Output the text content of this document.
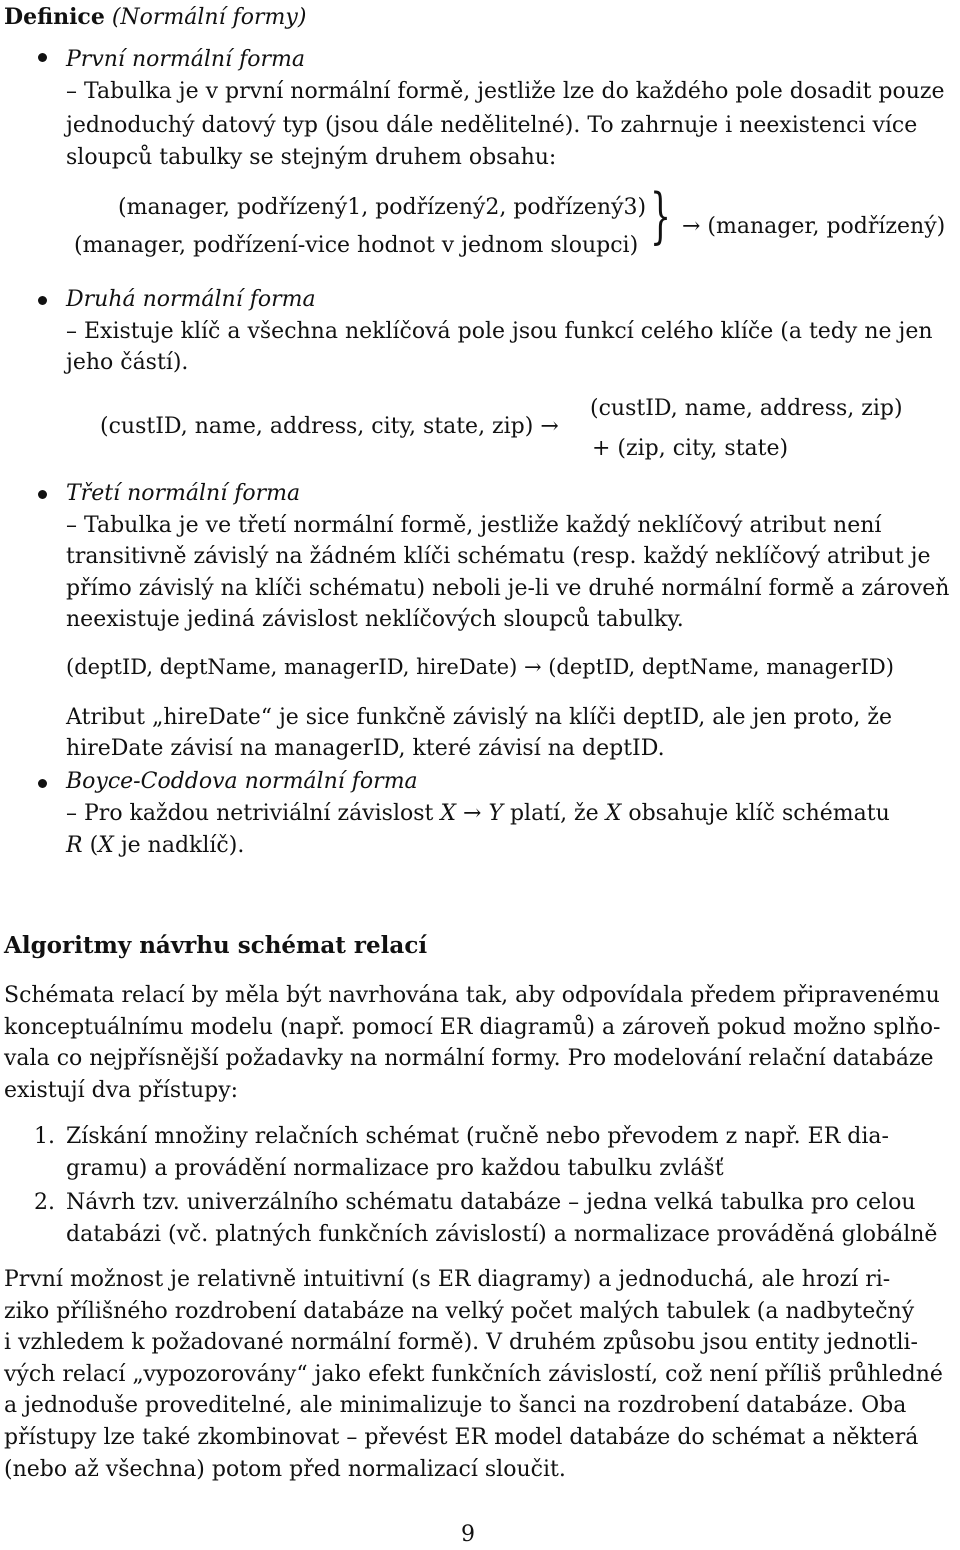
Definice (Normální formy)
První normální forma
– Tabulka je v první normální formě, jestliže lze do každého pole dosadit pouze
jednoduchý datový typ (jsou dále nedělitelné). To zahrnuje i neexistenci více
sloupců tabulky se stejným druhem obsahu:
(manager, podřízený1, podřízený2, podřízený3)
(manager, podřízení-vice hodnot v jednom sloupci) } → (manager, podřízený)
Druhá normální forma
– Existuje klíč a všechna neklíčová pole jsou funkcí celého klíče (a tedy ne jen
jeho částí).
(custID, name, address, city, state, zip) →
(custID, name, address, zip)
+ (zip, city, state)
Třetí normální forma
– Tabulka je ve třetí normální formě, jestliže každý neklíčový atribut není
transitivně závislý na žádném klíči schématu (resp. každý neklíčový atribut je
přímo závislý na klíči schématu) neboli je-li ve druhé normální formě a zároveň
neexistuje jediná závislost neklíčových sloupců tabulky.
(deptID, deptName, managerID, hireDate) → (deptID, deptName, managerID)
Atribut „hireDate“ je sice funkčně závislý na klíči deptID, ale jen proto, že
hireDate závisí na managerID, které závisí na deptID.
Boyce-Coddova normální forma
– Pro každou netriviální závislost X → Y platí, že X obsahuje klíč schématu
R (X je nadklíč).
Algoritmy návrhu schémat relací
Schémata relací by měla být navrhována tak, aby odpovídala předem připravenému
konceptuálnímu modelu (např. pomocí ER diagramů) a zároveň pokud možno splňo-
vala co nejpřísnější požadavky na normální formy. Pro modelování relační databáze
existují dva přístupy:
1. Získání množiny relačních schémat (ručně nebo převodem z např. ER dia-
gramu) a provádění normalizace pro každou tabulku zvlášť
2. Návrh tzv. univerzálního schématu databáze – jedna velká tabulka pro celou
databázi (vč. platných funkčních závislostí) a normalizace prováděná globálně
První možnost je relativně intuitivní (s ER diagramy) a jednoduchá, ale hrozí ri-
ziko přílišného rozdrobení databáze na velký počet malých tabulek (a nadbytečný
i vzhledem k požadované normální formě). V druhém způsobu jsou entity jednotli-
vých relací „vypozorovány“ jako efekt funkčních závislostí, což není příliš průhledné
a jednoduše proveditelné, ale minimalizuje to šanci na rozdrobení databáze. Oba
přístupy lze také zkombinovat – převést ER model databáze do schémat a některá
(nebo až všechna) potom před normalizací sloučit.
9
